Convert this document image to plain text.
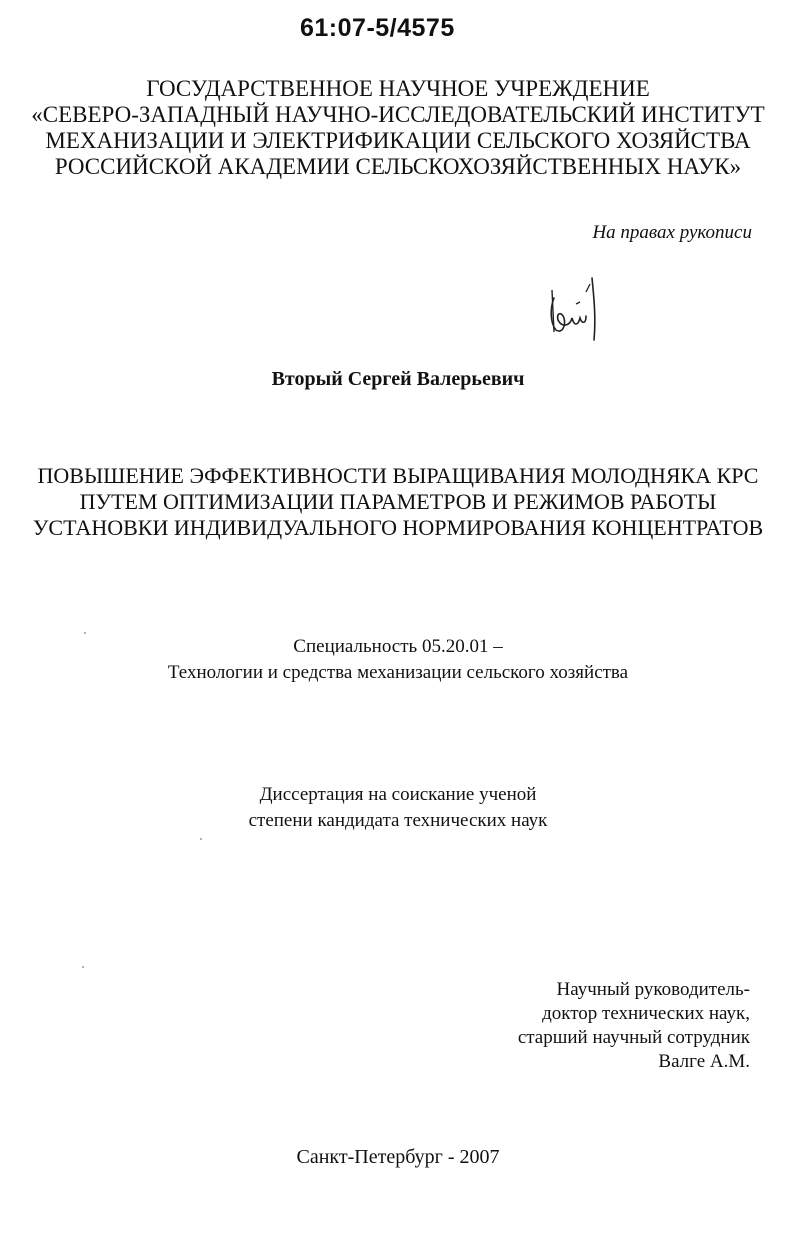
61:07-5/4575
ГОСУДАРСТВЕННОЕ НАУЧНОЕ УЧРЕЖДЕНИЕ
«СЕВЕРО-ЗАПАДНЫЙ НАУЧНО-ИССЛЕДОВАТЕЛЬСКИЙ ИНСТИТУТ
МЕХАНИЗАЦИИ И ЭЛЕКТРИФИКАЦИИ СЕЛЬСКОГО ХОЗЯЙСТВА
РОССИЙСКОЙ АКАДЕМИИ СЕЛЬСКОХОЗЯЙСТВЕННЫХ НАУК»
На правах рукописи
Вторый Сергей Валерьевич
ПОВЫШЕНИЕ ЭФФЕКТИВНОСТИ ВЫРАЩИВАНИЯ МОЛОДНЯКА КРС
ПУТЕМ ОПТИМИЗАЦИИ ПАРАМЕТРОВ И РЕЖИМОВ РАБОТЫ
УСТАНОВКИ ИНДИВИДУАЛЬНОГО НОРМИРОВАНИЯ КОНЦЕНТРАТОВ
Специальность 05.20.01 –
Технологии и средства механизации сельского хозяйства
Диссертация на соискание ученой
степени кандидата технических наук
Научный руководитель-
доктор технических наук,
старший научный сотрудник
Валге А.М.
Санкт-Петербург - 2007
